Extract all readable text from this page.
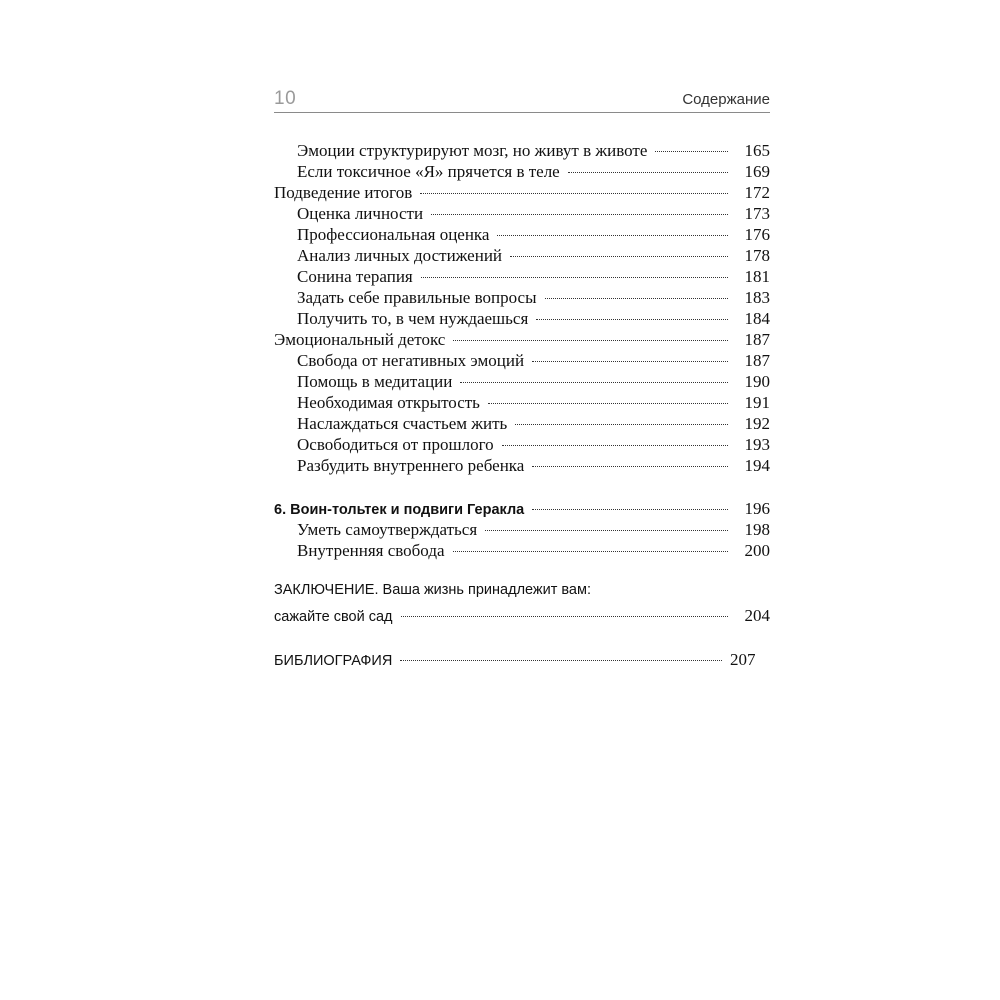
10	Содержание
Эмоции структурируют мозг, но живут в животе	165
Если токсичное «Я» прячется в теле	169
Подведение итогов	172
Оценка личности	173
Профессиональная оценка	176
Анализ личных достижений	178
Сонина терапия	181
Задать себе правильные вопросы	183
Получить то, в чем нуждаешься	184
Эмоциональный детокс	187
Свобода от негативных эмоций	187
Помощь в медитации	190
Необходимая открытость	191
Наслаждаться счастьем жить	192
Освободиться от прошлого	193
Разбудить внутреннего ребенка	194
6. Воин-тольтек и подвиги Геракла	196
Уметь самоутверждаться	198
Внутренняя свобода	200
ЗАКЛЮЧЕНИЕ. Ваша жизнь принадлежит вам:
сажайте свой сад	204
БИБЛИОГРАФИЯ	207
